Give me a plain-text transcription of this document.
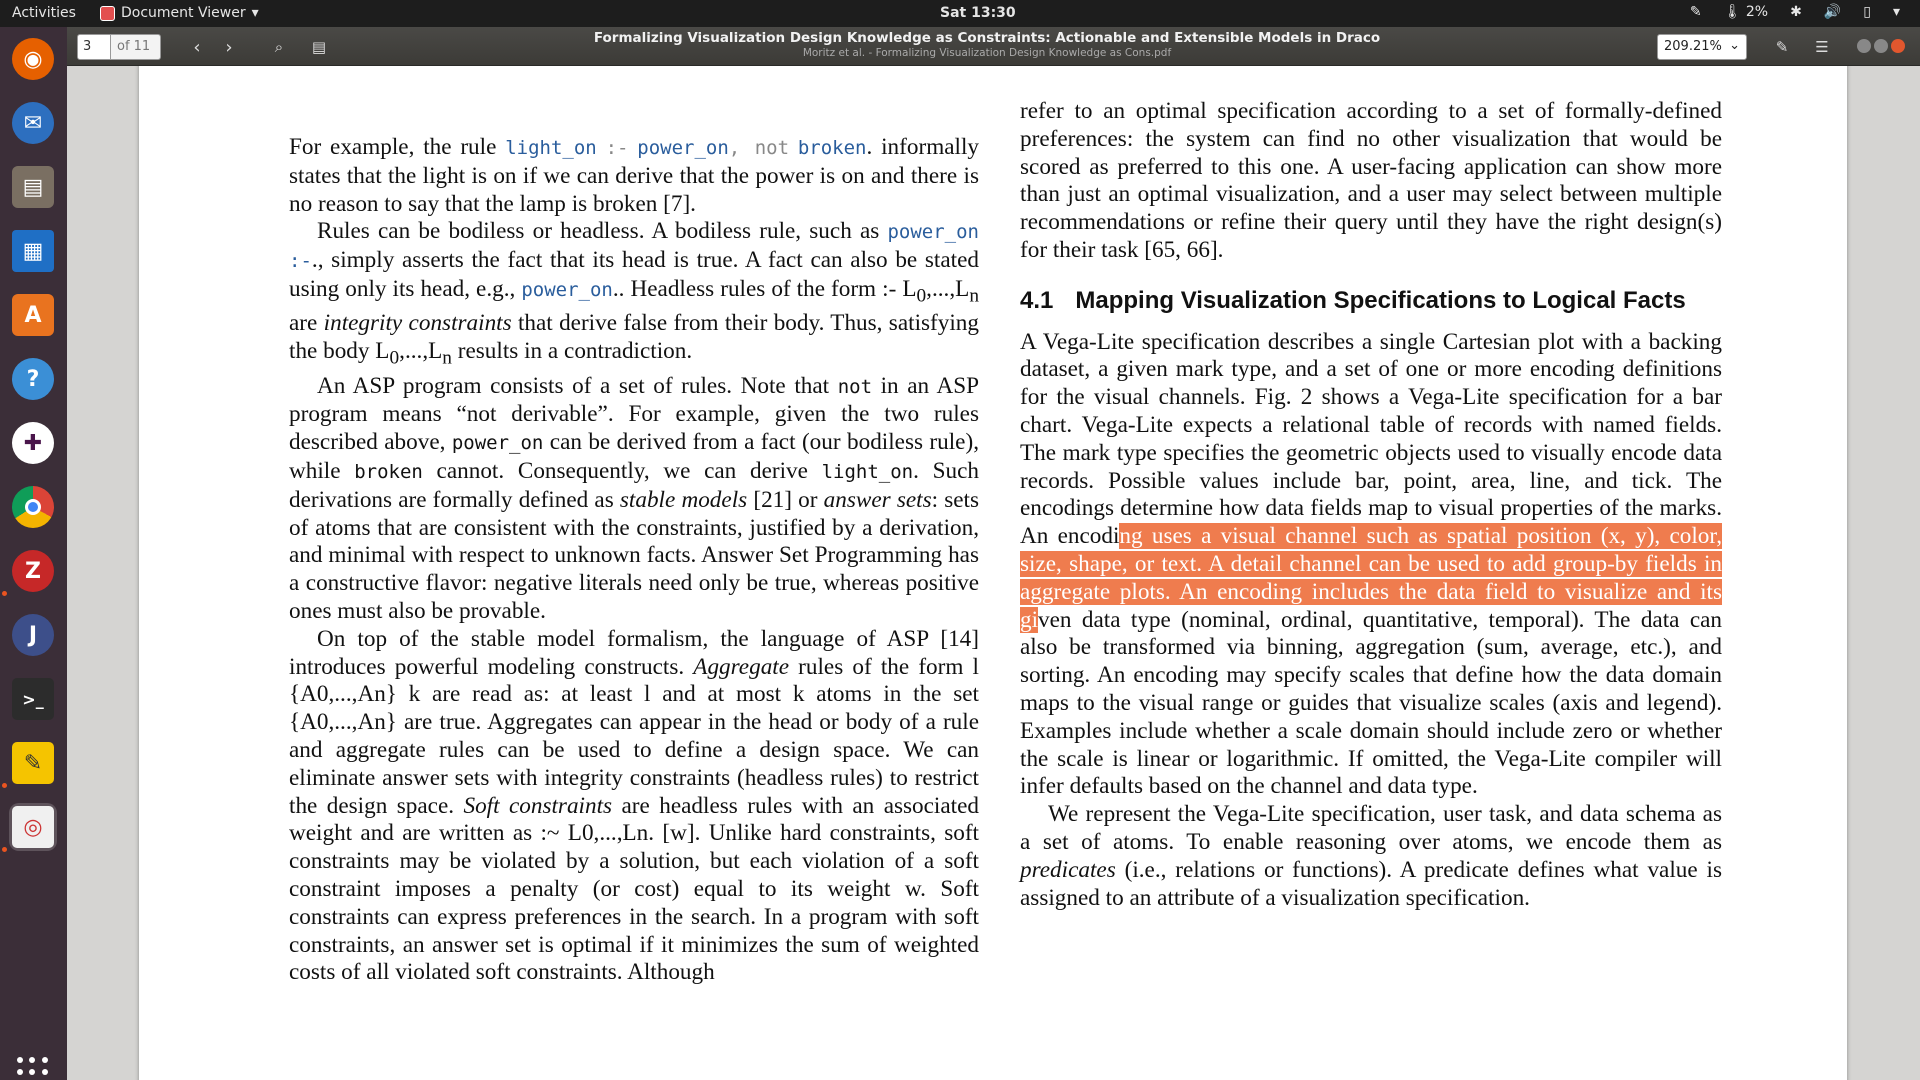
Activities	Document Viewer ▾	Sat 13:30	✎ 🌡 2% ✱ 🔊 ▯ ▾
◉
✉
▤
▦
A
?
✚
Z
J
>_
✎
◎
3	of 11	‹ ›	⌕ ▤	Formalizing Visualization Design Knowledge as Constraints: Actionable and Extensible Models in Draco
Moritz et al. - Formalizing Visualization Design Knowledge as Cons.pdf	209.21% ⌄ ✎ ☰

For example, the rule light_on :- power_on, not broken. informally states that the light is on if we can derive that the power is on and there is no reason to say that the lamp is broken [7].

Rules can be bodiless or headless. A bodiless rule, such as power_on :-., simply asserts the fact that its head is true. A fact can also be stated using only its head, e.g., power_on.. Headless rules of the form :- $L_0,...,L_n$ are integrity constraints that derive false from their body. Thus, satisfying the body $L_0,...,L_n$ results in a contradiction.

An ASP program consists of a set of rules. Note that not in an ASP program means “not derivable”. For example, given the two rules described above, power_on can be derived from a fact (our bodiless rule), while broken cannot. Consequently, we can derive light_on. Such derivations are formally defined as stable models [21] or answer sets: sets of atoms that are consistent with the constraints, justified by a derivation, and minimal with respect to unknown facts. Answer Set Programming has a constructive flavor: negative literals need only be true, whereas positive ones must also be provable.

On top of the stable model formalism, the language of ASP [14] introduces powerful modeling constructs. Aggregate rules of the form l {A0,...,An} k are read as: at least l and at most k atoms in the set {A0,...,An} are true. Aggregates can appear in the head or body of a rule and aggregate rules can be used to define a design space. We can eliminate answer sets with integrity constraints (headless rules) to restrict the design space. Soft constraints are headless rules with an associated weight and are written as :~ L0,...,Ln. [w]. Unlike hard constraints, soft constraints may be violated by a solution, but each violation of a soft constraint imposes a penalty (or cost) equal to its weight w. Soft constraints can express preferences in the search. In a program with soft constraints, an answer set is optimal if it minimizes the sum of weighted costs of all violated soft constraints. Although

refer to an optimal specification according to a set of formally-defined preferences: the system can find no other visualization that would be scored as preferred to this one. A user-facing application can show more than just an optimal visualization, and a user may select between multiple recommendations or refine their query until they have the right design(s) for their task [65, 66].

4.1 Mapping Visualization Specifications to Logical Facts

A Vega-Lite specification describes a single Cartesian plot with a backing dataset, a given mark type, and a set of one or more encoding definitions for the visual channels. Fig. 2 shows a Vega-Lite specification for a bar chart. Vega-Lite expects a relational table of records with named fields. The mark type specifies the geometric objects used to visually encode data records. Possible values include bar, point, area, line, and tick. The encodings determine how data fields map to visual properties of the marks. An encoding uses a visual channel such as spatial position (x, y), color, size, shape, or text. A detail channel can be used to add group-by fields in aggregate plots. An encoding includes the data field to visualize and its given data type (nominal, ordinal, quantitative, temporal). The data can also be transformed via binning, aggregation (sum, average, etc.), and sorting. An encoding may specify scales that define how the data domain maps to the visual range or guides that visualize scales (axis and legend). Examples include whether a scale domain should include zero or whether the scale is linear or logarithmic. If omitted, the Vega-Lite compiler will infer defaults based on the channel and data type.

We represent the Vega-Lite specification, user task, and data schema as a set of atoms. To enable reasoning over atoms, we encode them as predicates (i.e., relations or functions). A predicate defines what value is assigned to an attribute of a visualization specification.
